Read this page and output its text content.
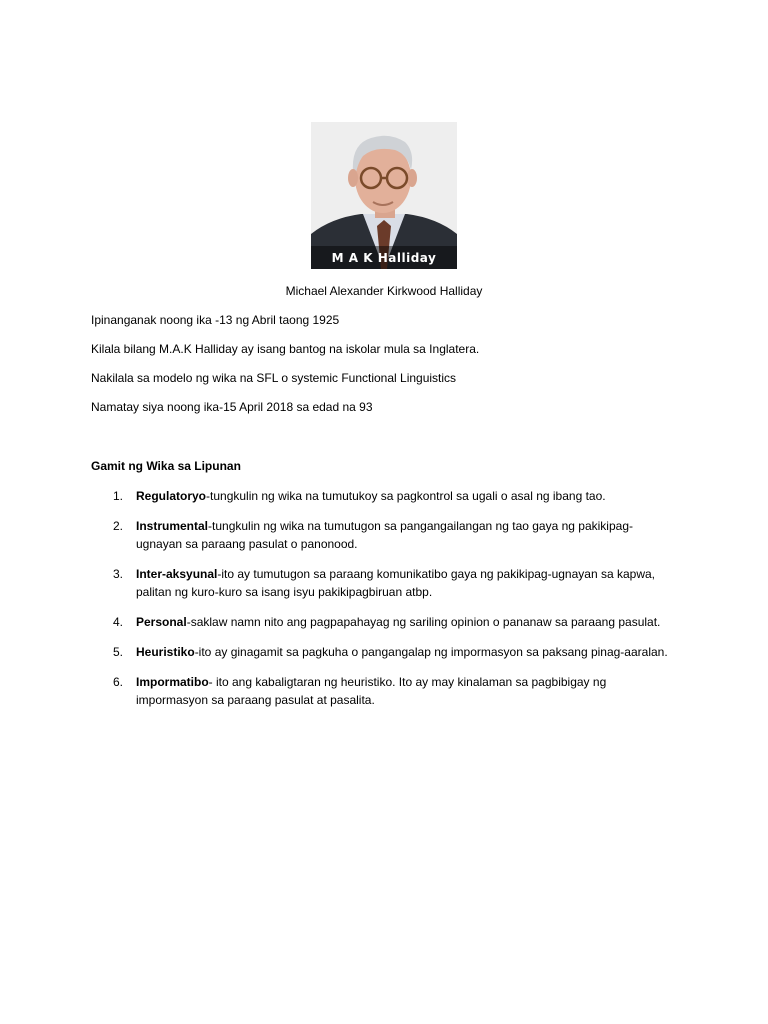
M A K Halliday
Michael Alexander Kirkwood Halliday
Ipinanganak noong ika -13 ng Abril taong 1925
Kilala bilang M.A.K Halliday ay isang bantog na iskolar mula sa Inglatera.
Nakilala sa modelo ng wika na SFL o systemic Functional Linguistics
Namatay siya noong ika-15 April 2018 sa edad na 93
Gamit ng Wika sa Lipunan
1. Regulatoryo-tungkulin ng wika na tumutukoy sa pagkontrol sa ugali o asal ng ibang tao.
2. Instrumental-tungkulin ng wika na tumutugon sa pangangailangan ng tao gaya ng pakikipag-ugnayan sa paraang pasulat o panonood.
3. Inter-aksyunal-ito ay tumutugon sa paraang komunikatibo gaya ng pakikipag-ugnayan sa kapwa, palitan ng kuro-kuro sa isang isyu pakikipagbiruan atbp.
4. Personal-saklaw namn nito ang pagpapahayag ng sariling opinion o pananaw sa paraang pasulat.
5. Heuristiko-ito ay ginagamit sa pagkuha o pangangalap ng impormasyon sa paksang pinag-aaralan.
6. Impormatibo- ito ang kabaligtaran ng heuristiko. Ito ay may kinalaman sa pagbibigay ng impormasyon sa paraang pasulat at pasalita.
